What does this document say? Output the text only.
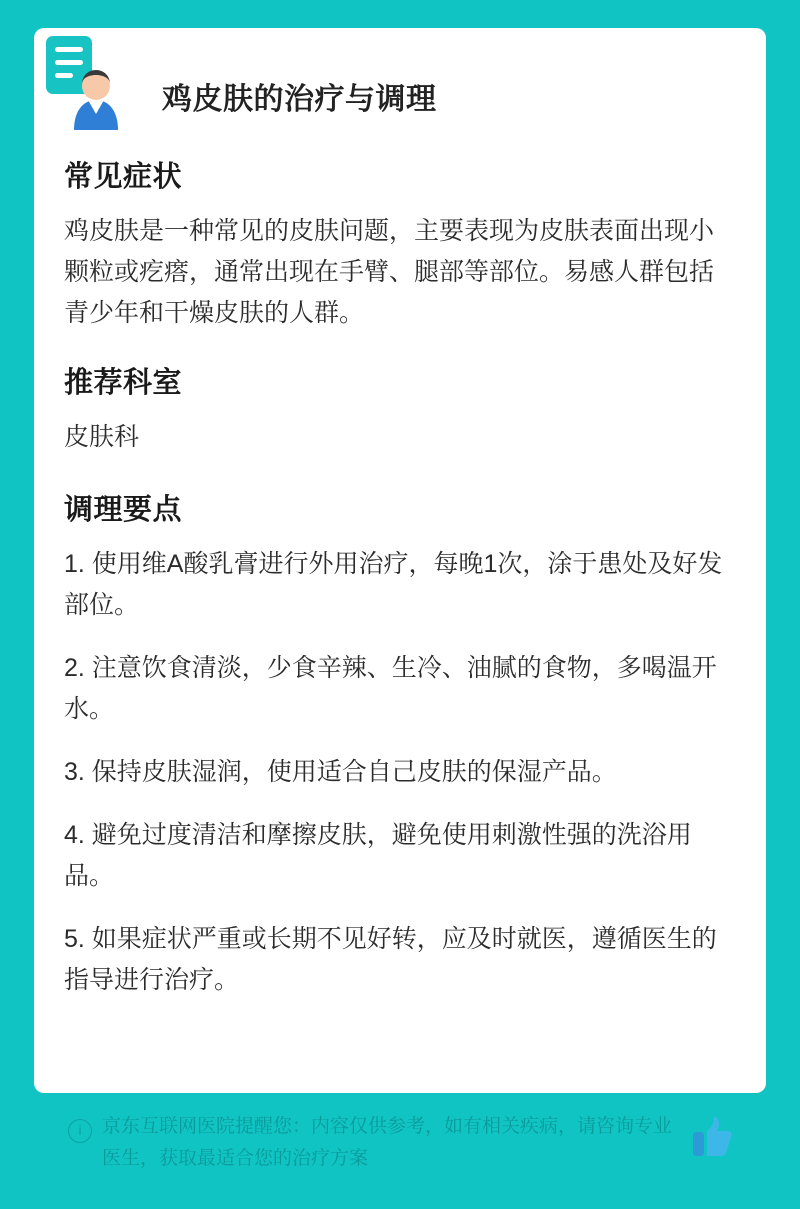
鸡皮肤的治疗与调理
常见症状

鸡皮肤是一种常见的皮肤问题，主要表现为皮肤表面出现小颗粒或疙瘩，通常出现在手臂、腿部等部位。易感人群包括青少年和干燥皮肤的人群。

推荐科室

皮肤科

调理要点
1. 使用维A酸乳膏进行外用治疗，每晚1次，涂于患处及好发部位。
2. 注意饮食清淡，少食辛辣、生冷、油腻的食物，多喝温开水。
3. 保持皮肤湿润，使用适合自己皮肤的保湿产品。
4. 避免过度清洁和摩擦皮肤，避免使用刺激性强的洗浴用品。
5. 如果症状严重或长期不见好转，应及时就医，遵循医生的指导进行治疗。
i	京东互联网医院提醒您：内容仅供参考，如有相关疾病，请咨询专业医生，获取最适合您的治疗方案
